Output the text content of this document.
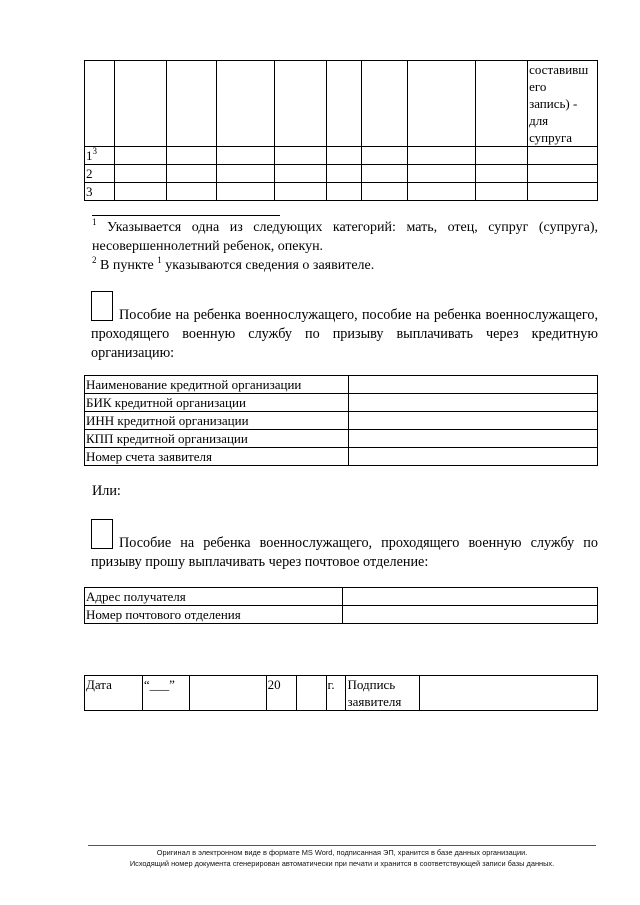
									составивш
его
запись) -
для
супруга

$1^3$									
2									
3									
$^1$ Указывается одна из следующих категорий: мать, отец, супруг (супруга), несовершеннолетний ребенок, опекун.
$^2$ В пункте $^1$ указываются сведения о заявителе.
Пособие на ребенка военнослужащего, пособие на ребенка военнослужащего, проходящего военную службу по призыву выплачивать через кредитную организацию:
Наименование кредитной организации	
БИК кредитной организации	
ИНН кредитной организации	
КПП кредитной организации	
Номер счета заявителя	
Или:
Пособие на ребенка военнослужащего, проходящего военную службу по призыву прошу выплачивать через почтовое отделение:
Адрес получателя	
Номер почтового отделения	
Дата	“___”		20		г.	Подпись заявителя	
Оригинал в электронном виде в формате MS Word, подписанная ЭП, хранится в базе данных организации.
Исходящий номер документа сгенерирован автоматически при печати и хранится в соответствующей записи базы данных.
